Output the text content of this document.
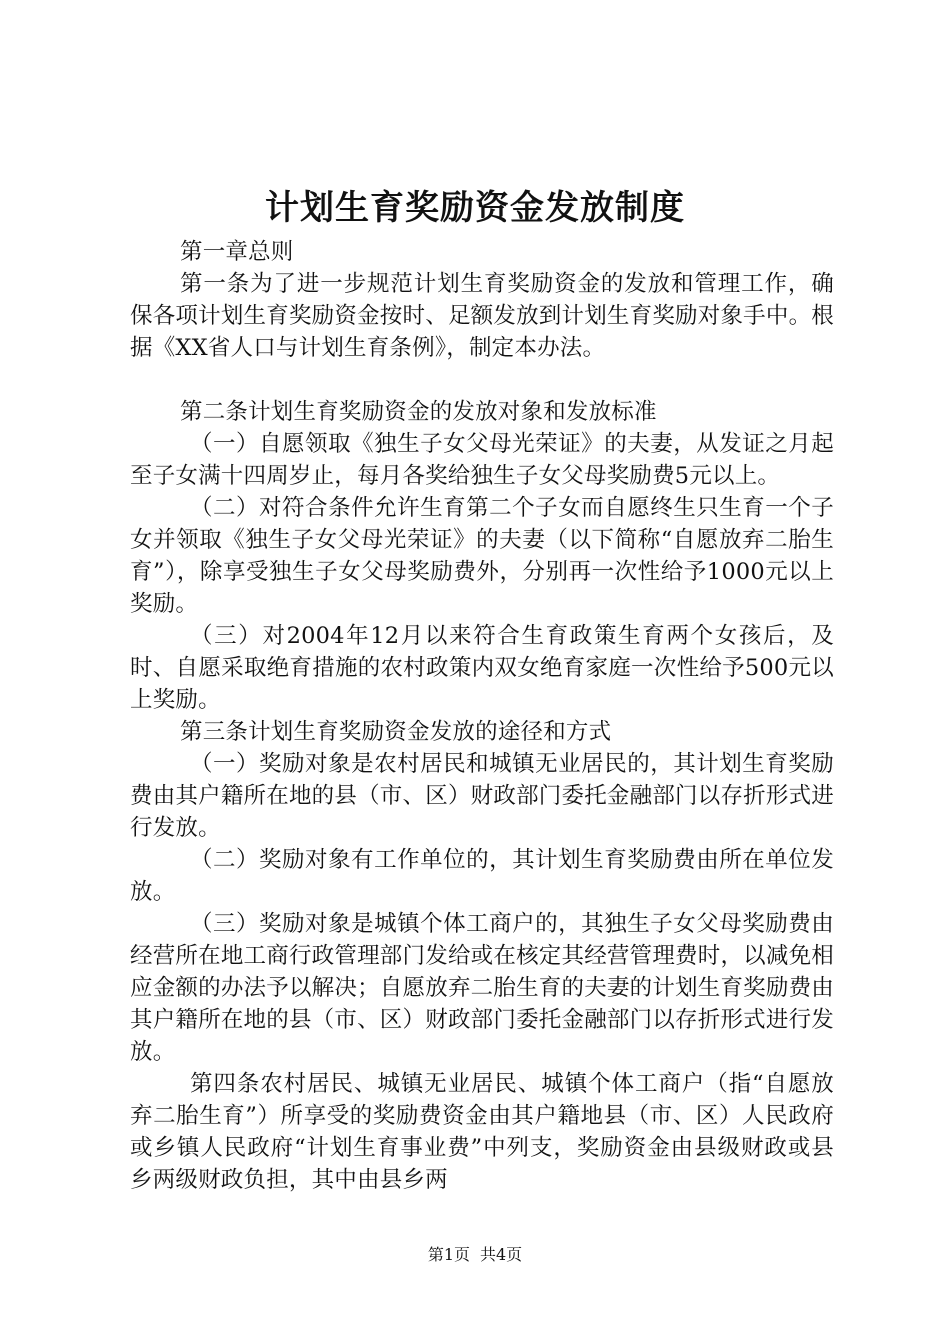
计划生育奖励资金发放制度

第一章总则

第一条为了进一步规范计划生育奖励资金的发放和管理工作，确保各项计划生育奖励资金按时、足额发放到计划生育奖励对象手中。根据《XX省人口与计划生育条例》，制定本办法。

第二条计划生育奖励资金的发放对象和发放标准

（一）自愿领取《独生子女父母光荣证》的夫妻，从发证之月起至子女满十四周岁止，每月各奖给独生子女父母奖励费5元以上。

（二）对符合条件允许生育第二个子女而自愿终生只生育一个子女并领取《独生子女父母光荣证》的夫妻（以下简称“自愿放弃二胎生育”），除享受独生子女父母奖励费外，分别再一次性给予1000元以上奖励。

（三）对2004年12月以来符合生育政策生育两个女孩后，及时、自愿采取绝育措施的农村政策内双女绝育家庭一次性给予500元以上奖励。

第三条计划生育奖励资金发放的途径和方式

（一）奖励对象是农村居民和城镇无业居民的，其计划生育奖励费由其户籍所在地的县（市、区）财政部门委托金融部门以存折形式进行发放。

（二）奖励对象有工作单位的，其计划生育奖励费由所在单位发放。

（三）奖励对象是城镇个体工商户的，其独生子女父母奖励费由经营所在地工商行政管理部门发给或在核定其经营管理费时，以减免相应金额的办法予以解决；自愿放弃二胎生育的夫妻的计划生育奖励费由其户籍所在地的县（市、区）财政部门委托金融部门以存折形式进行发放。

第四条农村居民、城镇无业居民、城镇个体工商户（指“自愿放弃二胎生育”）所享受的奖励费资金由其户籍地县（市、区）人民政府或乡镇人民政府“计划生育事业费”中列支，奖励资金由县级财政或县乡两级财政负担，其中由县乡两

第1页 共4页
